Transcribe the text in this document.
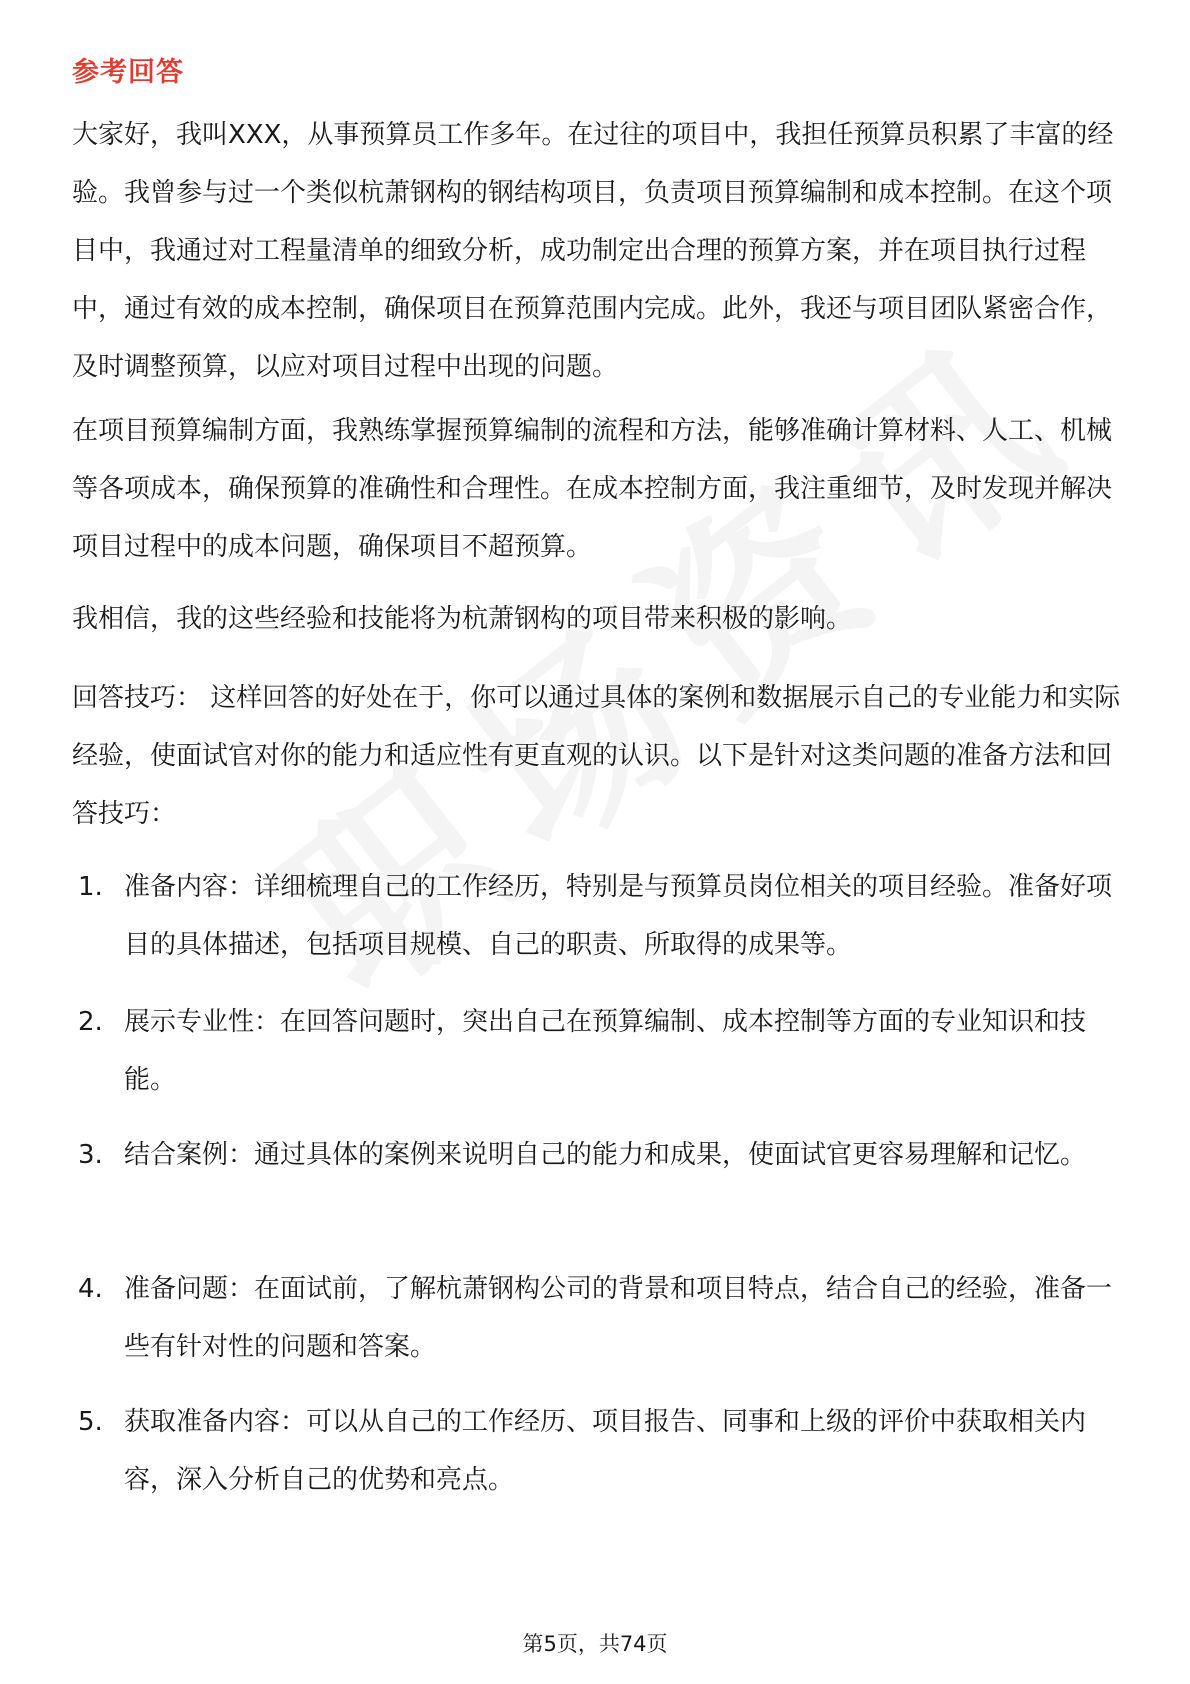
参考回答

大家好，我叫XXX，从事预算员工作多年。在过往的项目中，我担任预算员积累了丰富的经验。我曾参与过一个类似杭萧钢构的钢结构项目，负责项目预算编制和成本控制。在这个项目中，我通过对工程量清单的细致分析，成功制定出合理的预算方案，并在项目执行过程中，通过有效的成本控制，确保项目在预算范围内完成。此外，我还与项目团队紧密合作，及时调整预算，以应对项目过程中出现的问题。

在项目预算编制方面，我熟练掌握预算编制的流程和方法，能够准确计算材料、人工、机械等各项成本，确保预算的准确性和合理性。在成本控制方面，我注重细节，及时发现并解决项目过程中的成本问题，确保项目不超预算。

我相信，我的这些经验和技能将为杭萧钢构的项目带来积极的影响。

回答技巧： 这样回答的好处在于，你可以通过具体的案例和数据展示自己的专业能力和实际经验，使面试官对你的能力和适应性有更直观的认识。以下是针对这类问题的准备方法和回答技巧：

1. 准备内容：详细梳理自己的工作经历，特别是与预算员岗位相关的项目经验。准备好项目的具体描述，包括项目规模、自己的职责、所取得的成果等。
2. 展示专业性：在回答问题时，突出自己在预算编制、成本控制等方面的专业知识和技能。
3. 结合案例：通过具体的案例来说明自己的能力和成果，使面试官更容易理解和记忆。
4. 准备问题：在面试前，了解杭萧钢构公司的背景和项目特点，结合自己的经验，准备一些有针对性的问题和答案。
5. 获取准备内容：可以从自己的工作经历、项目报告、同事和上级的评价中获取相关内容，深入分析自己的优势和亮点。
第5页，共74页
